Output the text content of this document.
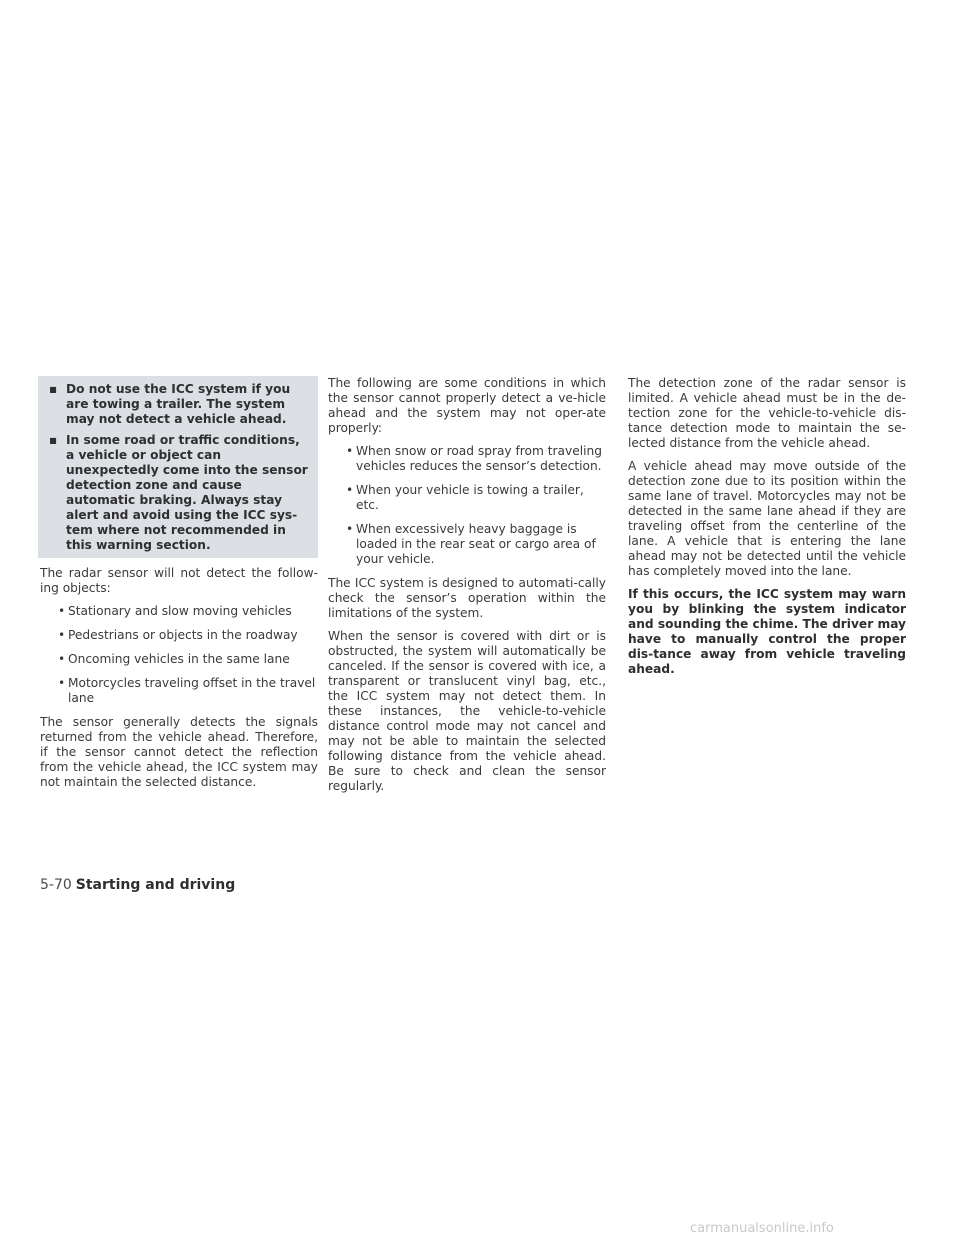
▪ Do not use the ICC system if you are towing a trailer. The system may not detect a vehicle ahead.
▪ In some road or traffic conditions, a vehicle or object can unexpectedly come into the sensor detection zone and cause automatic braking. Always stay alert and avoid using the ICC sys-tem where not recommended in this warning section.

The radar sensor will not detect the follow-ing objects:

• Stationary and slow moving vehicles
• Pedestrians or objects in the roadway
• Oncoming vehicles in the same lane
• Motorcycles traveling offset in the travel lane

The sensor generally detects the signals returned from the vehicle ahead. Therefore, if the sensor cannot detect the reflection from the vehicle ahead, the ICC system may not maintain the selected distance.

The following are some conditions in which the sensor cannot properly detect a ve-hicle ahead and the system may not oper-ate properly:

• When snow or road spray from traveling vehicles reduces the sensor’s detection.
• When your vehicle is towing a trailer, etc.
• When excessively heavy baggage is loaded in the rear seat or cargo area of your vehicle.

The ICC system is designed to automati-cally check the sensor’s operation within the limitations of the system.

When the sensor is covered with dirt or is obstructed, the system will automatically be canceled. If the sensor is covered with ice, a transparent or translucent vinyl bag, etc., the ICC system may not detect them. In these instances, the vehicle-to-vehicle distance control mode may not cancel and may not be able to maintain the selected following distance from the vehicle ahead. Be sure to check and clean the sensor regularly.

The detection zone of the radar sensor is limited. A vehicle ahead must be in the de-tection zone for the vehicle-to-vehicle dis-tance detection mode to maintain the se-lected distance from the vehicle ahead.

A vehicle ahead may move outside of the detection zone due to its position within the same lane of travel. Motorcycles may not be detected in the same lane ahead if they are traveling offset from the centerline of the lane. A vehicle that is entering the lane ahead may not be detected until the vehicle has completely moved into the lane.

If this occurs, the ICC system may warn you by blinking the system indicator and sounding the chime. The driver may have to manually control the proper dis-tance away from vehicle traveling ahead.

5-70 Starting and driving
carmanualsonline.info
